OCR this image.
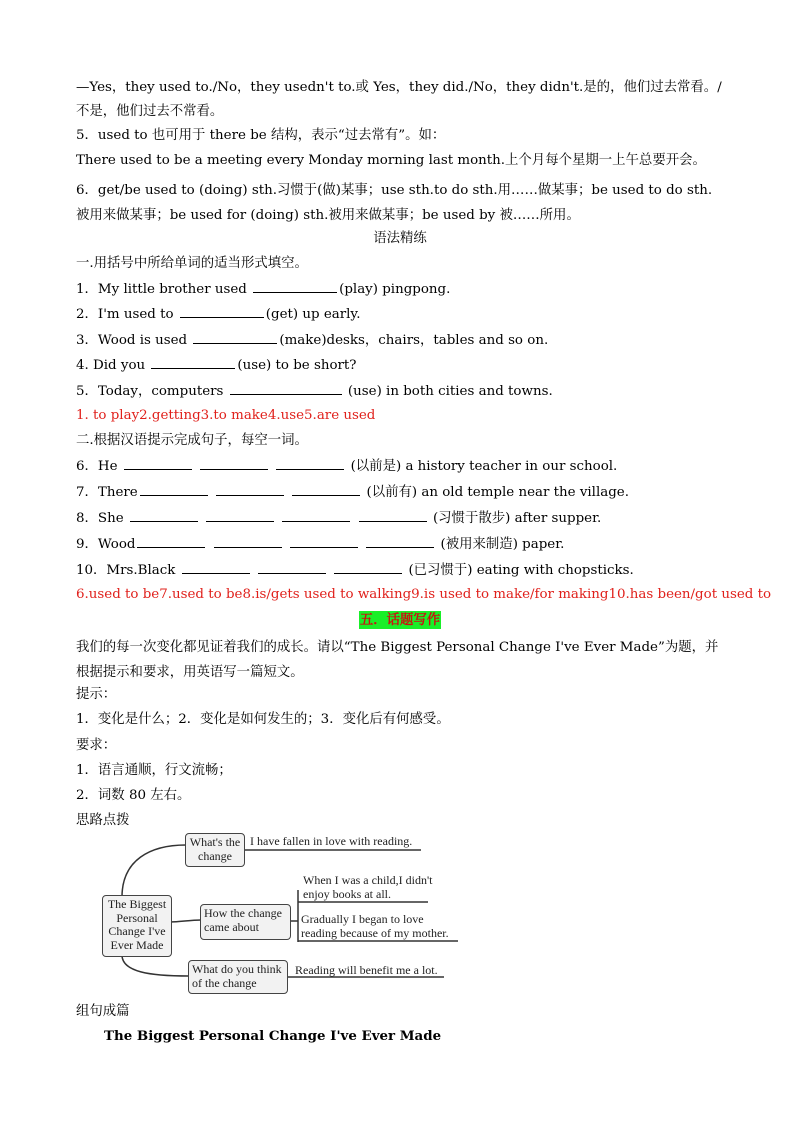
—Yes，they used to./No，they usedn't to.或 Yes，they did./No，they didn't.是的，他们过去常看。/不是，他们过去不常看。
5．used to 也可用于 there be 结构，表示“过去常有”。如：
There used to be a meeting every Monday morning last month.上个月每个星期一上午总要开会。
6．get/be used to (doing) sth.习惯于(做)某事；use sth.to do sth.用……做某事；be used to do sth.被用来做某事；be used for (doing) sth.被用来做某事；be used by 被……所用。
语法精练
一.用括号中所给单词的适当形式填空。
1．My little brother used	(play) pingpong.
2．I'm used to	(get) up early.
3．Wood is used	(make)desks，chairs，tables and so on.
4. Did you	(use) to be short?
5．Today，computers	(use) in both cities and towns.
1. to play2.getting3.to make4.use5.are used
二.根据汉语提示完成句子，每空一词。
6．He	(以前是) a history teacher in our school.
7．There	(以前有) an old temple near the village.
8．She	(习惯于散步) after supper.
9．Wood	(被用来制造) paper.
10．Mrs.Black	(已习惯于) eating with chopsticks.
6.used to be7.used to be8.is/gets used to walking9.is used to make/for making10.has been/got used to
五．话题写作
我们的每一次变化都见证着我们的成长。请以“The Biggest Personal Change I've Ever Made”为题，并根据提示和要求，用英语写一篇短文。
提示：
1．变化是什么；2．变化是如何发生的；3．变化后有何感受。
要求：
1．语言通顺，行文流畅；
2．词数 80 左右。
思路点拨
The Biggest Personal Change I've Ever Made
What's the change
How the change came about
What do you think of the change
I have fallen in love with reading.
When I was a child,I didn't enjoy books at all.
Gradually I began to love reading because of my mother.
Reading will benefit me a lot.
组句成篇
The Biggest Personal Change I've Ever Made
